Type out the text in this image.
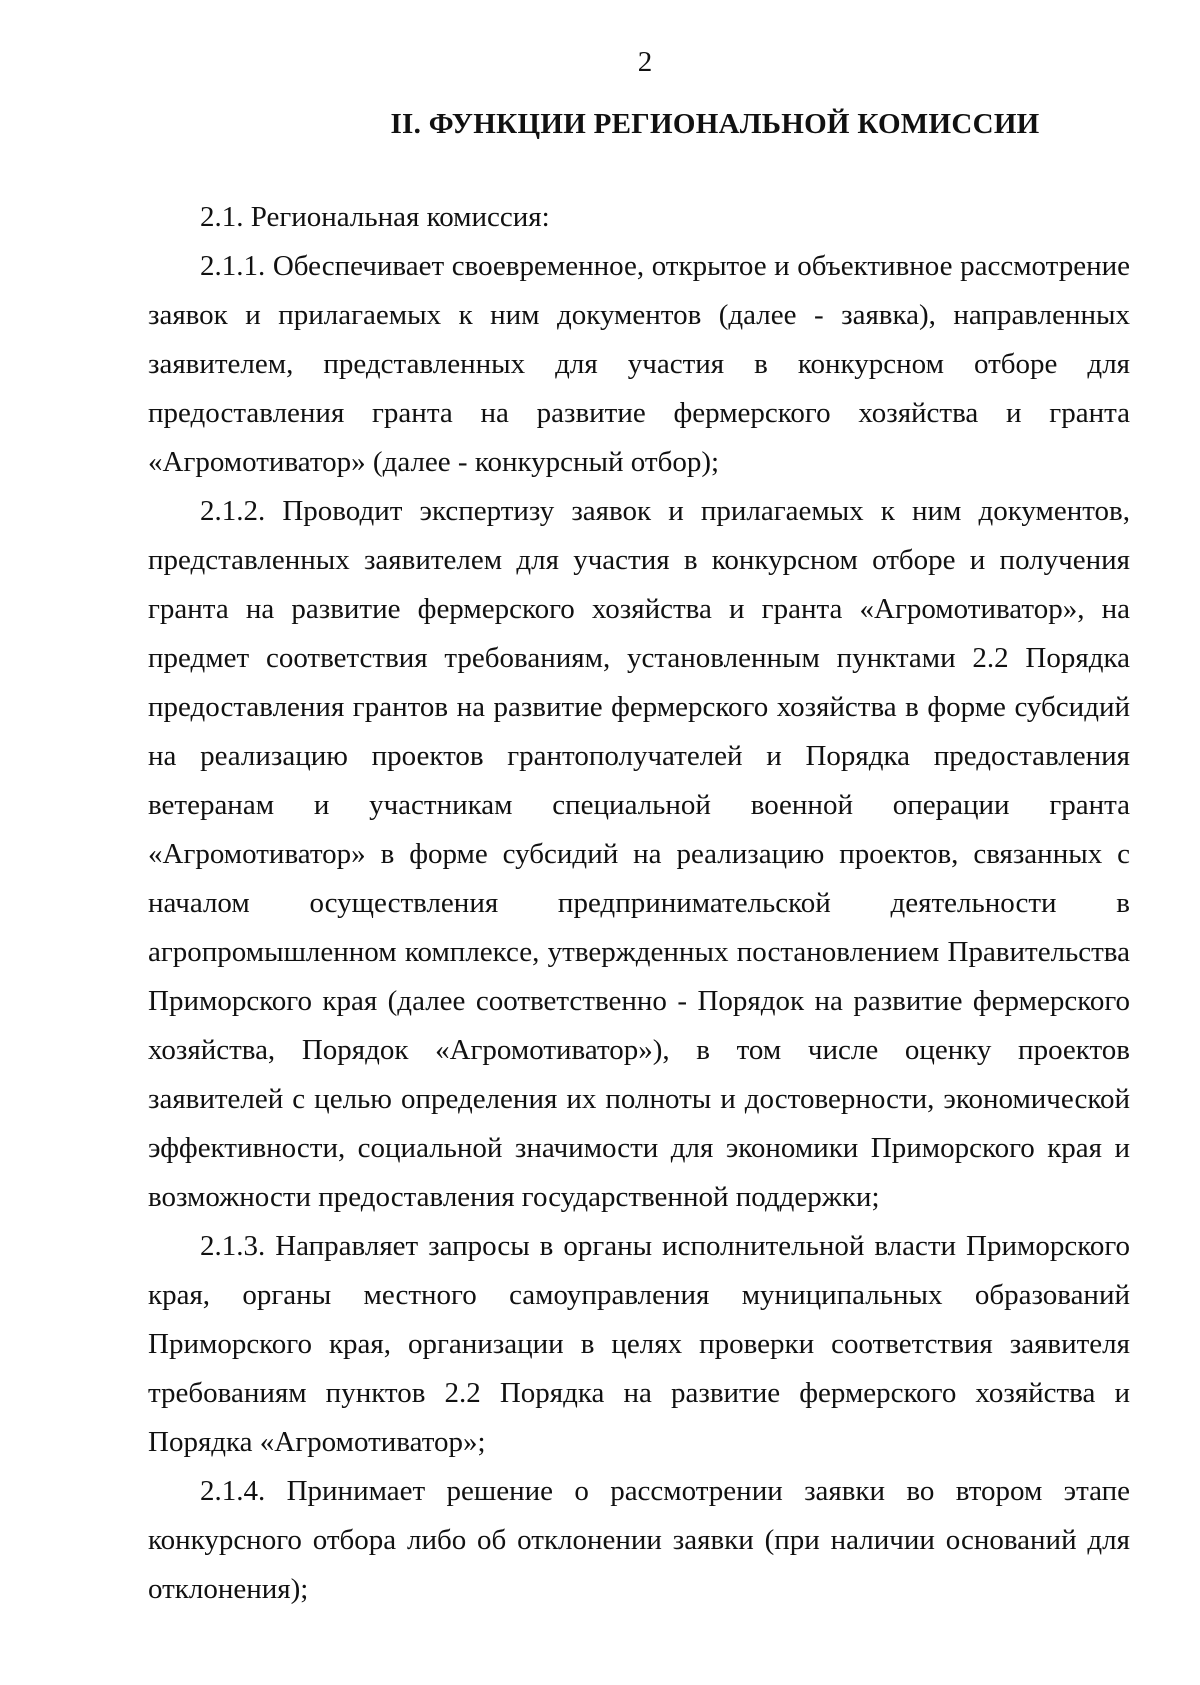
2
II. ФУНКЦИИ РЕГИОНАЛЬНОЙ КОМИССИИ

2.1. Региональная комиссия:

2.1.1. Обеспечивает своевременное, открытое и объективное рассмотрение заявок и прилагаемых к ним документов (далее - заявка), направленных заявителем, представленных для участия в конкурсном отборе для предоставления гранта на развитие фермерского хозяйства и гранта «Агромотиватор» (далее - конкурсный отбор);

2.1.2. Проводит экспертизу заявок и прилагаемых к ним документов, представленных заявителем для участия в конкурсном отборе и получения гранта на развитие фермерского хозяйства и гранта «Агромотиватор», на предмет соответствия требованиям, установленным пунктами 2.2 Порядка предоставления грантов на развитие фермерского хозяйства в форме субсидий на реализацию проектов грантополучателей и Порядка предоставления ветеранам и участникам специальной военной операции гранта «Агромотиватор» в форме субсидий на реализацию проектов, связанных с началом осуществления предпринимательской деятельности в агропромышленном комплексе, утвержденных постановлением Правительства Приморского края (далее соответственно - Порядок на развитие фермерского хозяйства, Порядок «Агромотиватор»), в том числе оценку проектов заявителей с целью определения их полноты и достоверности, экономической эффективности, социальной значимости для экономики Приморского края и возможности предоставления государственной поддержки;

2.1.3. Направляет запросы в органы исполнительной власти Приморского края, органы местного самоуправления муниципальных образований Приморского края, организации в целях проверки соответствия заявителя требованиям пунктов 2.2 Порядка на развитие фермерского хозяйства и Порядка «Агромотиватор»;

2.1.4. Принимает решение о рассмотрении заявки во втором этапе конкурсного отбора либо об отклонении заявки (при наличии оснований для отклонения);
